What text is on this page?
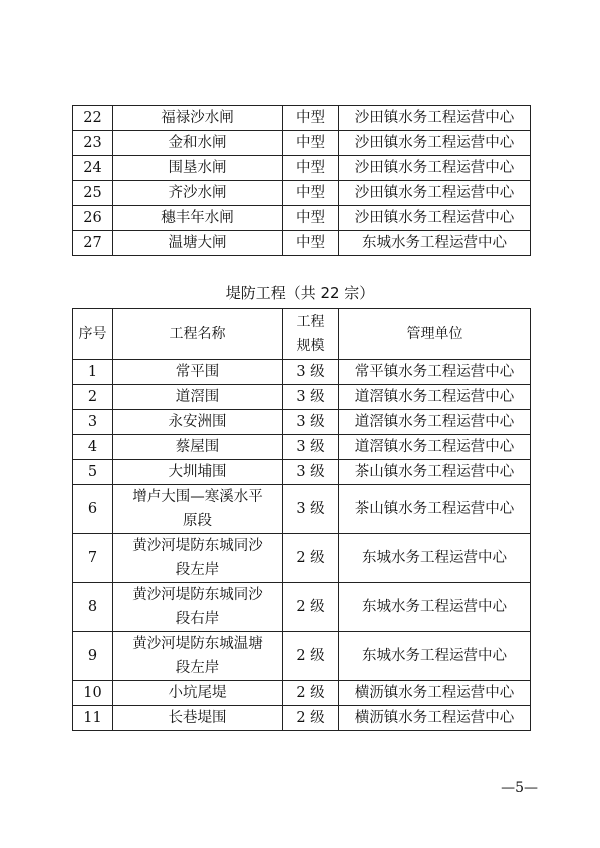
22	福禄沙水闸	中型	沙田镇水务工程运营中心
23	金和水闸	中型	沙田镇水务工程运营中心
24	围垦水闸	中型	沙田镇水务工程运营中心
25	齐沙水闸	中型	沙田镇水务工程运营中心
26	穗丰年水闸	中型	沙田镇水务工程运营中心
27	温塘大闸	中型	东城水务工程运营中心
堤防工程（共 22 宗）
序号	工程名称	工程规模	管理单位
1	常平围	3 级	常平镇水务工程运营中心
2	道滘围	3 级	道滘镇水务工程运营中心
3	永安洲围	3 级	道滘镇水务工程运营中心
4	蔡屋围	3 级	道滘镇水务工程运营中心
5	大圳埔围	3 级	茶山镇水务工程运营中心
6	增卢大围—寒溪水平原段	3 级	茶山镇水务工程运营中心
7	黄沙河堤防东城同沙段左岸	2 级	东城水务工程运营中心
8	黄沙河堤防东城同沙段右岸	2 级	东城水务工程运营中心
9	黄沙河堤防东城温塘段左岸	2 级	东城水务工程运营中心
10	小坑尾堤	2 级	横沥镇水务工程运营中心
11	长巷堤围	2 级	横沥镇水务工程运营中心
—5—
